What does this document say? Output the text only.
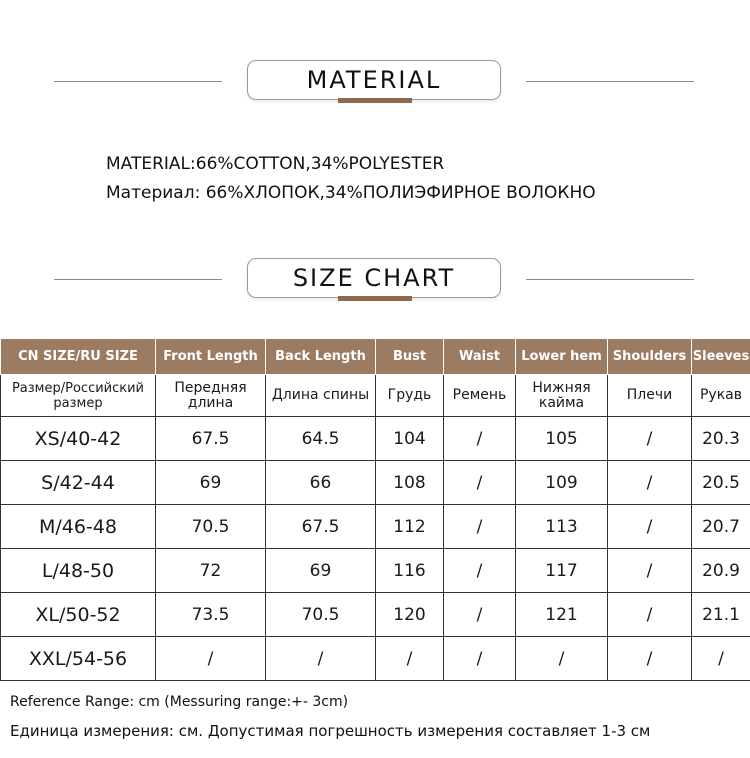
MATERIAL
MATERIAL:66%COTTON,34%POLYESTER
Материал: 66%ХЛОПОК,34%ПОЛИЭФИРНОЕ ВОЛОКНО
SIZE CHART
CN SIZE/RU SIZE	Front Length	Back Length	Bust	Waist	Lower hem	Shoulders	Sleeves
Размер/Российский размер	Передняя длина	Длина спины	Грудь	Ремень	Нижняя кайма	Плечи	Рукав
XS/40-42	67.5	64.5	104	/	105	/	20.3
S/42-44	69	66	108	/	109	/	20.5
M/46-48	70.5	67.5	112	/	113	/	20.7
L/48-50	72	69	116	/	117	/	20.9
XL/50-52	73.5	70.5	120	/	121	/	21.1
XXL/54-56	/	/	/	/	/	/	/
Reference Range: cm (Messuring range:+- 3cm)
Единица измерения: см. Допустимая погрешность измерения составляет 1-3 см
